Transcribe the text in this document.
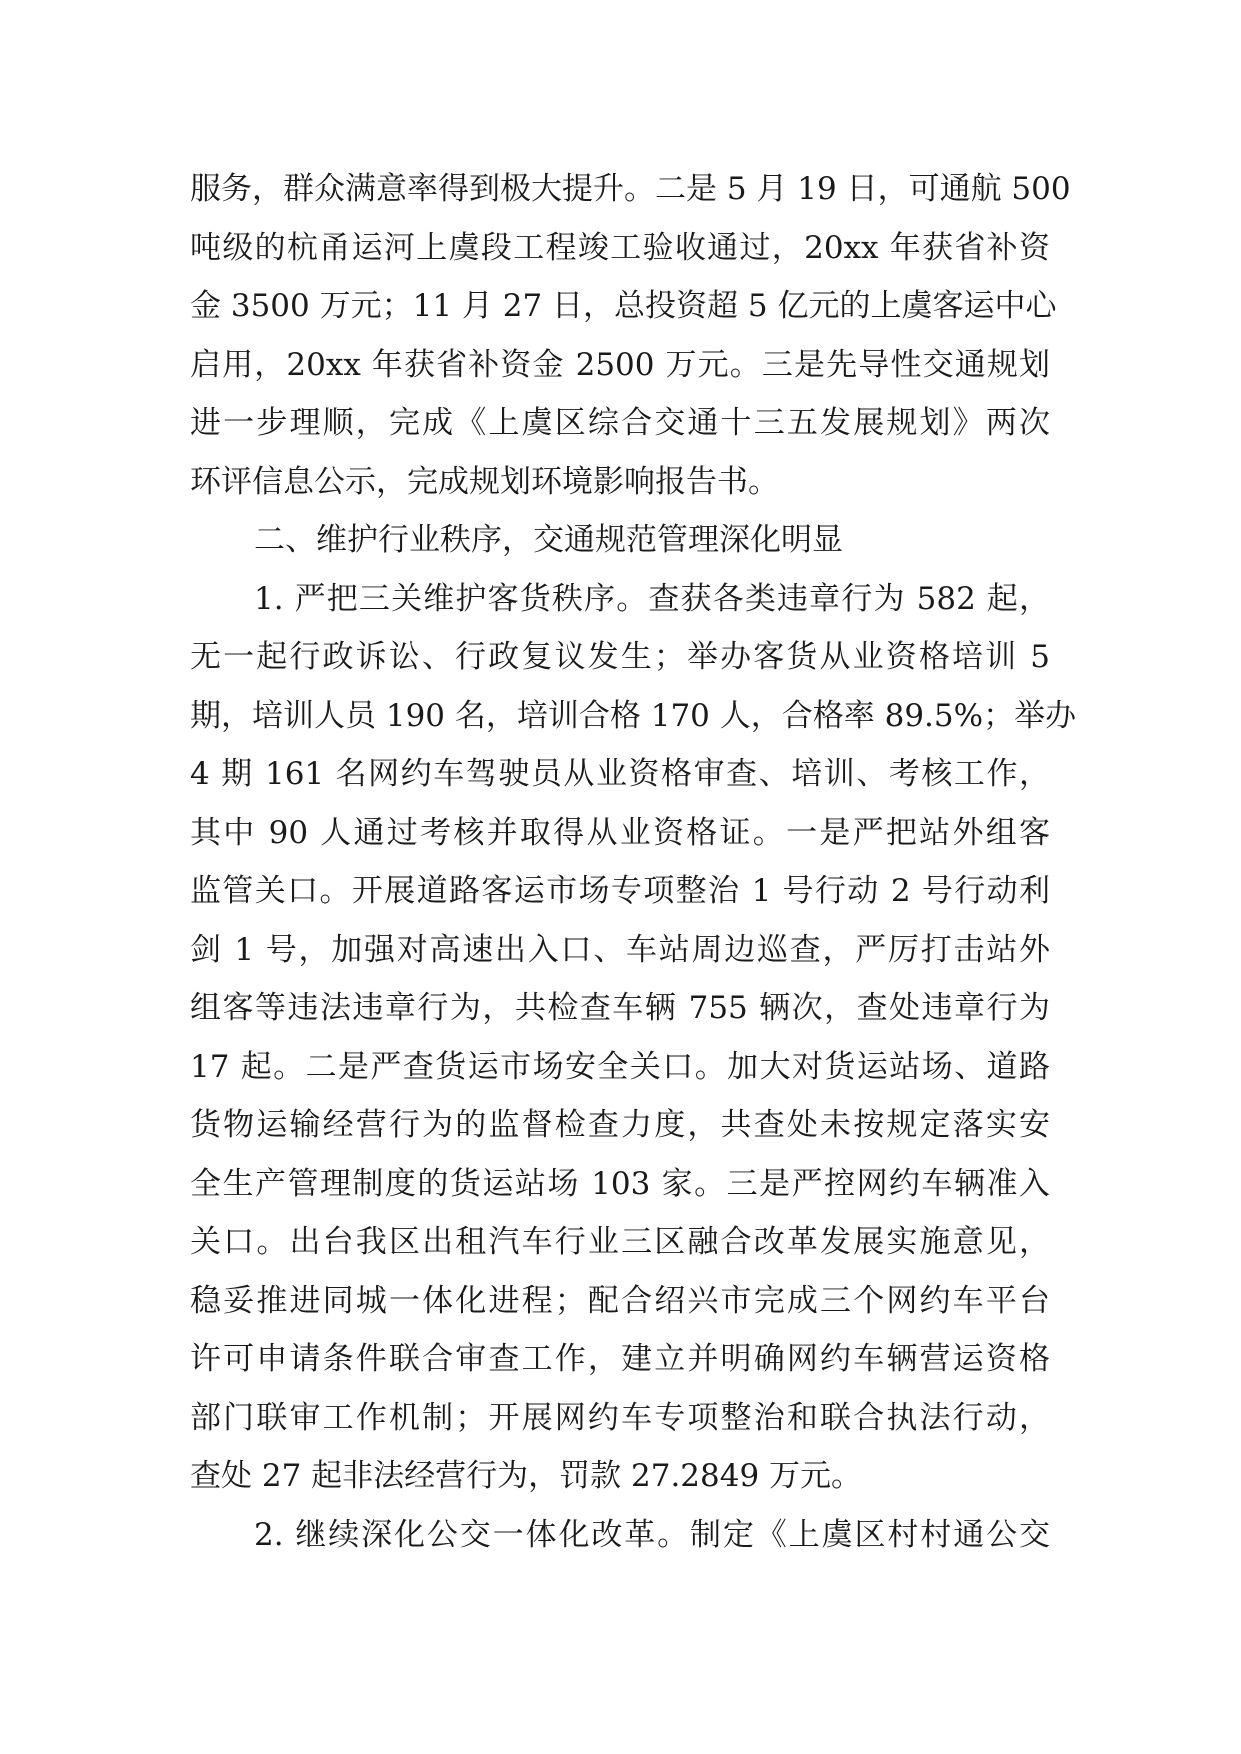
服务，群众满意率得到极大提升。二是 5 月 19 日，可通航 500
吨级的杭甬运河上虞段工程竣工验收通过，20xx 年获省补资
金 3500 万元；11 月 27 日，总投资超 5 亿元的上虞客运中心
启用，20xx 年获省补资金 2500 万元。三是先导性交通规划
进一步理顺，完成《上虞区综合交通十三五发展规划》两次
环评信息公示，完成规划环境影响报告书。
二、维护行业秩序，交通规范管理深化明显
1. 严把三关维护客货秩序。查获各类违章行为 582 起，
无一起行政诉讼、行政复议发生；举办客货从业资格培训 5
期，培训人员 190 名，培训合格 170 人，合格率 89.5%；举办
4 期 161 名网约车驾驶员从业资格审查、培训、考核工作，
其中 90 人通过考核并取得从业资格证。一是严把站外组客
监管关口。开展道路客运市场专项整治 1 号行动 2 号行动利
剑 1 号，加强对高速出入口、车站周边巡查，严厉打击站外
组客等违法违章行为，共检查车辆 755 辆次，查处违章行为
17 起。二是严查货运市场安全关口。加大对货运站场、道路
货物运输经营行为的监督检查力度，共查处未按规定落实安
全生产管理制度的货运站场 103 家。三是严控网约车辆准入
关口。出台我区出租汽车行业三区融合改革发展实施意见，
稳妥推进同城一体化进程；配合绍兴市完成三个网约车平台
许可申请条件联合审查工作，建立并明确网约车辆营运资格
部门联审工作机制；开展网约车专项整治和联合执法行动，
查处 27 起非法经营行为，罚款 27.2849 万元。
2. 继续深化公交一体化改革。制定《上虞区村村通公交
